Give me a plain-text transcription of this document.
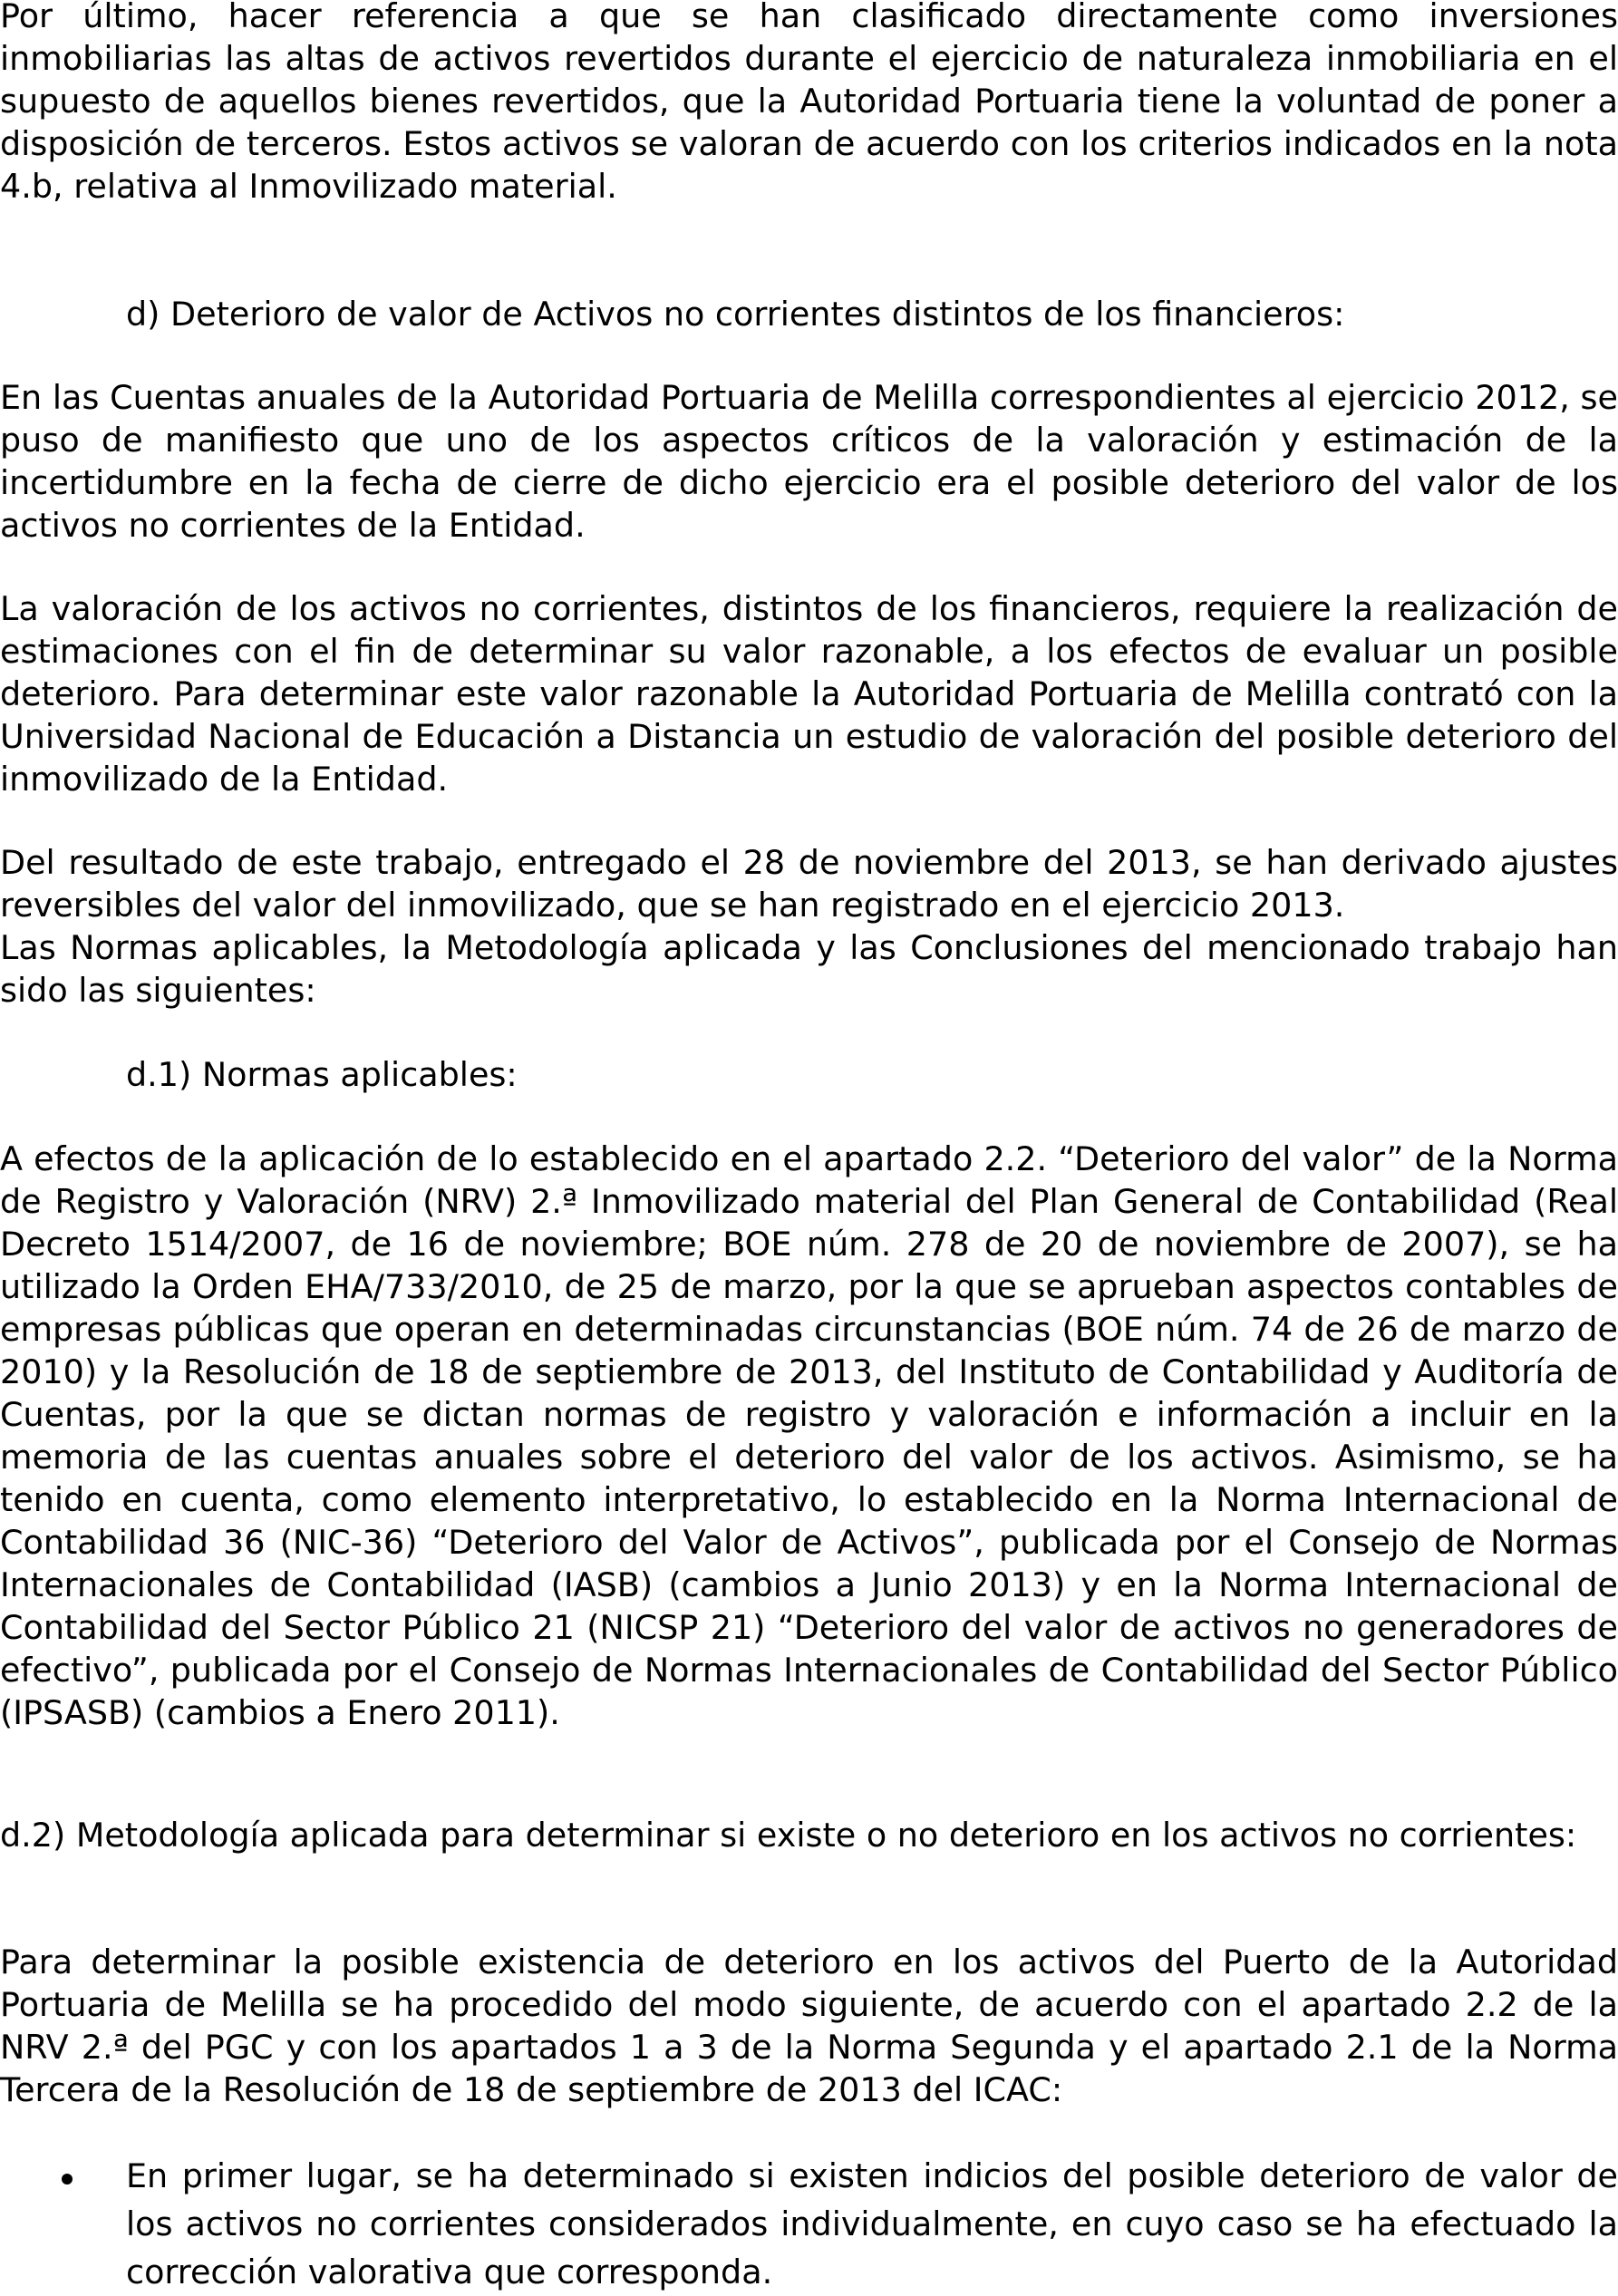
Por último, hacer referencia a que se han clasificado directamente como inversiones inmobiliarias las altas de activos revertidos durante el ejercicio de naturaleza inmobiliaria en el supuesto de aquellos bienes revertidos, que la Autoridad Portuaria tiene la voluntad de poner a disposición de terceros. Estos activos se valoran de acuerdo con los criterios indicados en la nota 4.b, relativa al Inmovilizado material.

d) Deterioro de valor de Activos no corrientes distintos de los financieros:

En las Cuentas anuales de la Autoridad Portuaria de Melilla correspondientes al ejercicio 2012, se puso de manifiesto que uno de los aspectos críticos de la valoración y estimación de la incertidumbre en la fecha de cierre de dicho ejercicio era el posible deterioro del valor de los activos no corrientes de la Entidad.

La valoración de los activos no corrientes, distintos de los financieros, requiere la realización de estimaciones con el fin de determinar su valor razonable, a los efectos de evaluar un posible deterioro. Para determinar este valor razonable la Autoridad Portuaria de Melilla contrató con la Universidad Nacional de Educación a Distancia un estudio de valoración del posible deterioro del inmovilizado de la Entidad.

Del resultado de este trabajo, entregado el 28 de noviembre del 2013, se han derivado ajustes reversibles del valor del inmovilizado, que se han registrado en el ejercicio 2013.

Las Normas aplicables, la Metodología aplicada y las Conclusiones del mencionado trabajo han sido las siguientes:

d.1) Normas aplicables:

A efectos de la aplicación de lo establecido en el apartado 2.2. “Deterioro del valor” de la Norma de Registro y Valoración (NRV) 2.ª Inmovilizado material del Plan General de Contabilidad (Real Decreto 1514/2007, de 16 de noviembre; BOE núm. 278 de 20 de noviembre de 2007), se ha utilizado la Orden EHA/733/2010, de 25 de marzo, por la que se aprueban aspectos contables de empresas públicas que operan en determinadas circunstancias (BOE núm. 74 de 26 de marzo de 2010) y la Resolución de 18 de septiembre de 2013, del Instituto de Contabilidad y Auditoría de Cuentas, por la que se dictan normas de registro y valoración e información a incluir en la memoria de las cuentas anuales sobre el deterioro del valor de los activos. Asimismo, se ha tenido en cuenta, como elemento interpretativo, lo establecido en la Norma Internacional de Contabilidad 36 (NIC-36) “Deterioro del Valor de Activos”, publicada por el Consejo de Normas Internacionales de Contabilidad (IASB) (cambios a Junio 2013) y en la Norma Internacional de Contabilidad del Sector Público 21 (NICSP 21) “Deterioro del valor de activos no generadores de efectivo”, publicada por el Consejo de Normas Internacionales de Contabilidad del Sector Público (IPSASB) (cambios a Enero 2011).

d.2) Metodología aplicada para determinar si existe o no deterioro en los activos no corrientes:

Para determinar la posible existencia de deterioro en los activos del Puerto de la Autoridad Portuaria de Melilla se ha procedido del modo siguiente, de acuerdo con el apartado 2.2 de la NRV 2.ª del PGC y con los apartados 1 a 3 de la Norma Segunda y el apartado 2.1 de la Norma Tercera de la Resolución de 18 de septiembre de 2013 del ICAC:

En primer lugar, se ha determinado si existen indicios del posible deterioro de valor de los activos no corrientes considerados individualmente, en cuyo caso se ha efectuado la corrección valorativa que corresponda.
